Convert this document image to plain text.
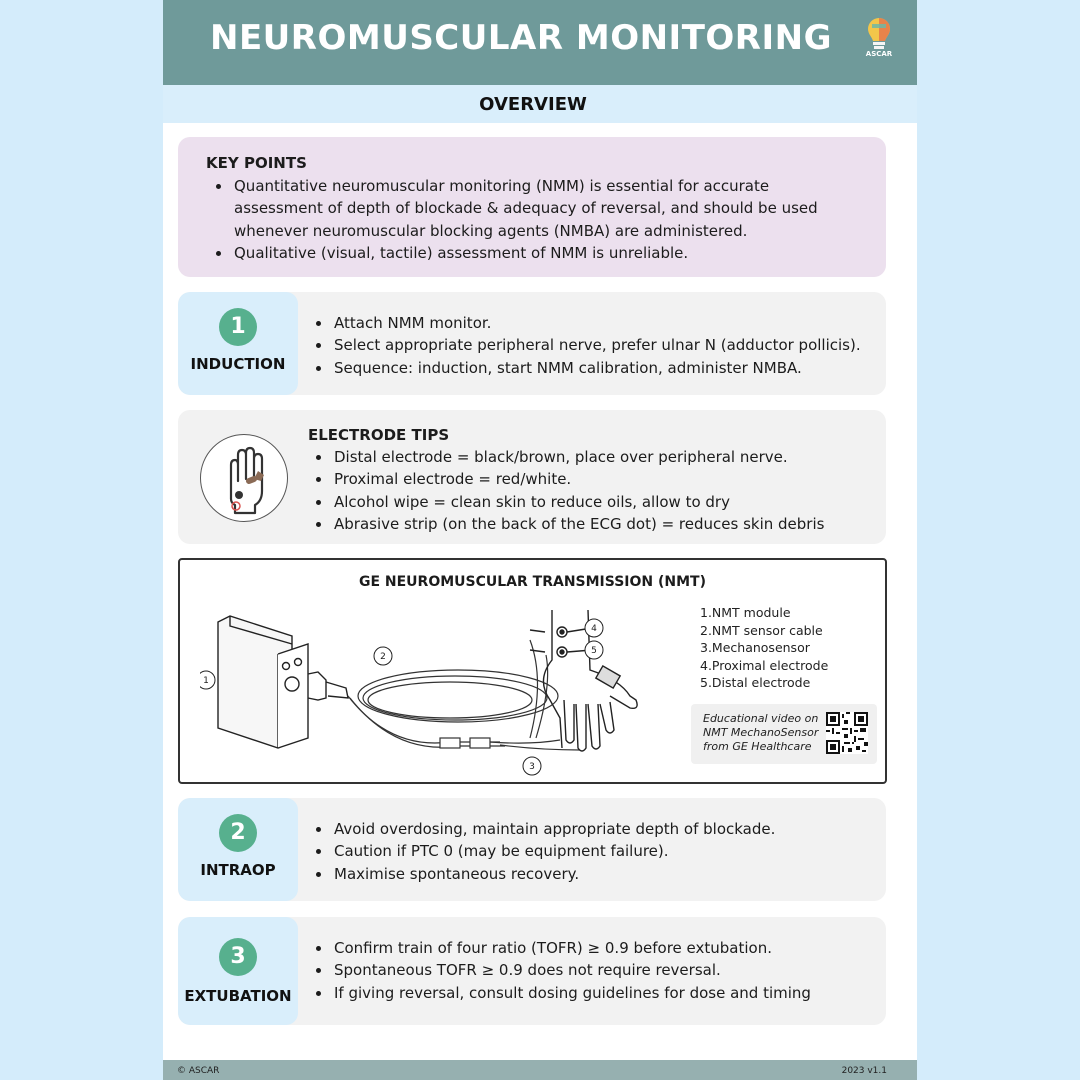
NEUROMUSCULAR MONITORING	ASCAR
OVERVIEW
KEY POINTS
Quantitative neuromuscular monitoring (NMM) is essential for accurate assessment of depth of blockade & adequacy of reversal, and should be used whenever neuromuscular blocking agents (NMBA) are administered.
Qualitative (visual, tactile) assessment of NMM is unreliable.
1
INDUCTION
Attach NMM monitor.
Select appropriate peripheral nerve, prefer ulnar N (adductor pollicis).
Sequence: induction, start NMM calibration, administer NMBA.
ELECTRODE TIPS
Distal electrode = black/brown, place over peripheral nerve.
Proximal electrode = red/white.
Alcohol wipe = clean skin to reduce oils, allow to dry
Abrasive strip (on the back of the ECG dot) = reduces skin debris
GE NEUROMUSCULAR TRANSMISSION (NMT)
2
1
3
4
5
1.NMT module
2.NMT sensor cable
3.Mechanosensor
4.Proximal electrode
5.Distal electrode
Educational video on NMT MechanoSensor from GE Healthcare
2
INTRAOP
Avoid overdosing, maintain appropriate depth of blockade.
Caution if PTC 0 (may be equipment failure).
Maximise spontaneous recovery.
3
EXTUBATION
Confirm train of four ratio (TOFR) ≥ 0.9 before extubation.
Spontaneous TOFR ≥ 0.9 does not require reversal.
If giving reversal, consult dosing guidelines for dose and timing
© ASCAR	2023 v1.1
